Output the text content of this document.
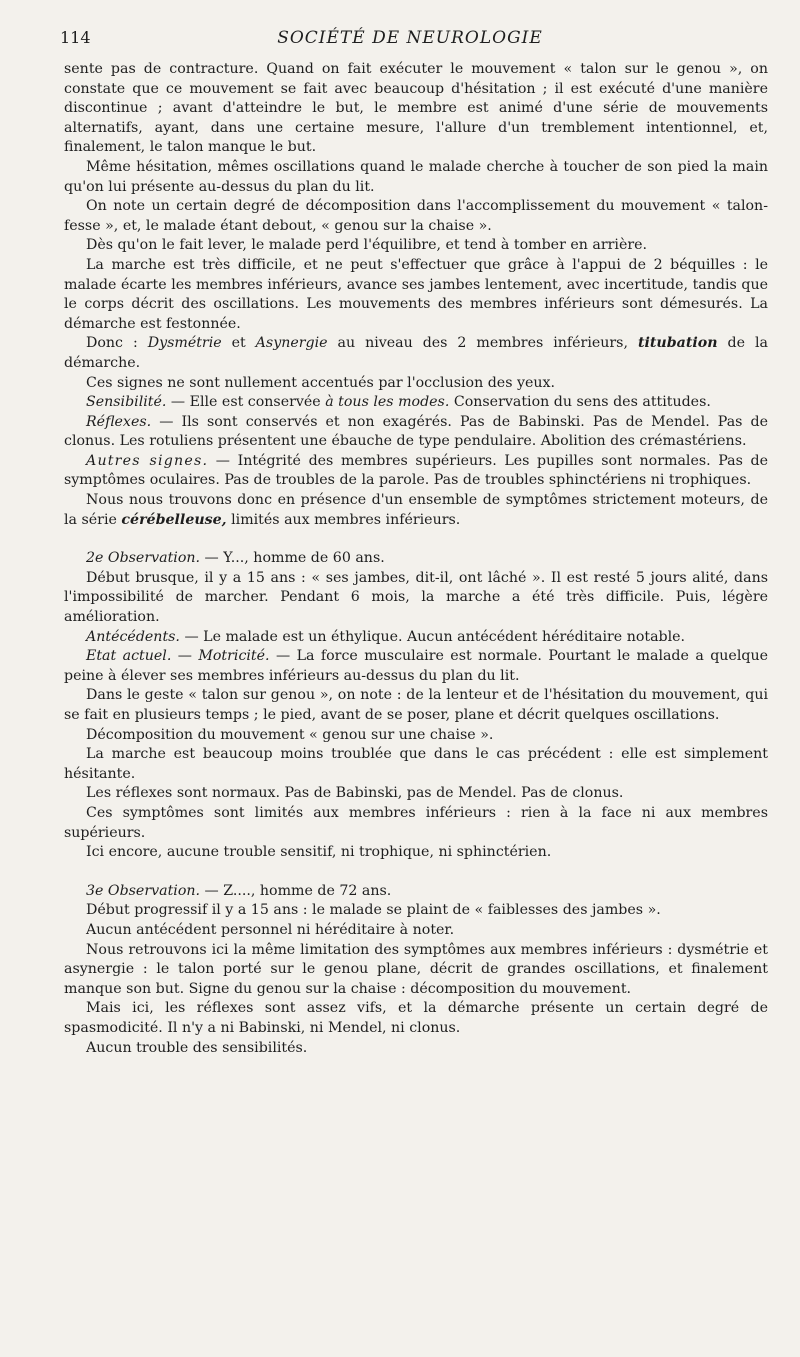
114	SOCIÉTÉ DE NEUROLOGIE

sente pas de contracture. Quand on fait exécuter le mouvement « talon sur le genou », on constate que ce mouvement se fait avec beaucoup d'hésitation ; il est exécuté d'une manière discontinue ; avant d'atteindre le but, le membre est animé d'une série de mouvements alternatifs, ayant, dans une certaine mesure, l'allure d'un tremblement intentionnel, et, finalement, le talon manque le but.

Même hésitation, mêmes oscillations quand le malade cherche à toucher de son pied la main qu'on lui présente au-dessus du plan du lit.

On note un certain degré de décomposition dans l'accomplissement du mouvement « talon-fesse », et, le malade étant debout, « genou sur la chaise ».

Dès qu'on le fait lever, le malade perd l'équilibre, et tend à tomber en arrière.

La marche est très difficile, et ne peut s'effectuer que grâce à l'appui de 2 béquilles : le malade écarte les membres inférieurs, avance ses jambes lentement, avec incertitude, tandis que le corps décrit des oscillations. Les mouvements des membres inférieurs sont démesurés. La démarche est festonnée.

Donc : Dysmétrie et Asynergie au niveau des 2 membres inférieurs, titubation de la démarche.

Ces signes ne sont nullement accentués par l'occlusion des yeux.

Sensibilité. — Elle est conservée à tous les modes. Conservation du sens des attitudes.

Réflexes. — Ils sont conservés et non exagérés. Pas de Babinski. Pas de Mendel. Pas de clonus. Les rotuliens présentent une ébauche de type pendulaire. Abolition des crémastériens.

Autres signes. — Intégrité des membres supérieurs. Les pupilles sont normales. Pas de symptômes oculaires. Pas de troubles de la parole. Pas de troubles sphinctériens ni trophiques.

Nous nous trouvons donc en présence d'un ensemble de symptômes strictement moteurs, de la série cérébelleuse, limités aux membres inférieurs.

2e Observation. — Y..., homme de 60 ans.

Début brusque, il y a 15 ans : « ses jambes, dit-il, ont lâché ». Il est resté 5 jours alité, dans l'impossibilité de marcher. Pendant 6 mois, la marche a été très difficile. Puis, légère amélioration.

Antécédents. — Le malade est un éthylique. Aucun antécédent héréditaire notable.

Etat actuel. — Motricité. — La force musculaire est normale. Pourtant le malade a quelque peine à élever ses membres inférieurs au-dessus du plan du lit.

Dans le geste « talon sur genou », on note : de la lenteur et de l'hésitation du mouvement, qui se fait en plusieurs temps ; le pied, avant de se poser, plane et décrit quelques oscillations.

Décomposition du mouvement « genou sur une chaise ».

La marche est beaucoup moins troublée que dans le cas précédent : elle est simplement hésitante.

Les réflexes sont normaux. Pas de Babinski, pas de Mendel. Pas de clonus.

Ces symptômes sont limités aux membres inférieurs : rien à la face ni aux membres supérieurs.

Ici encore, aucune trouble sensitif, ni trophique, ni sphinctérien.

3e Observation. — Z...., homme de 72 ans.

Début progressif il y a 15 ans : le malade se plaint de « faiblesses des jambes ».

Aucun antécédent personnel ni héréditaire à noter.

Nous retrouvons ici la même limitation des symptômes aux membres inférieurs : dysmétrie et asynergie : le talon porté sur le genou plane, décrit de grandes oscillations, et finalement manque son but. Signe du genou sur la chaise : décomposition du mouvement.

Mais ici, les réflexes sont assez vifs, et la démarche présente un certain degré de spasmodicité. Il n'y a ni Babinski, ni Mendel, ni clonus.

Aucun trouble des sensibilités.
